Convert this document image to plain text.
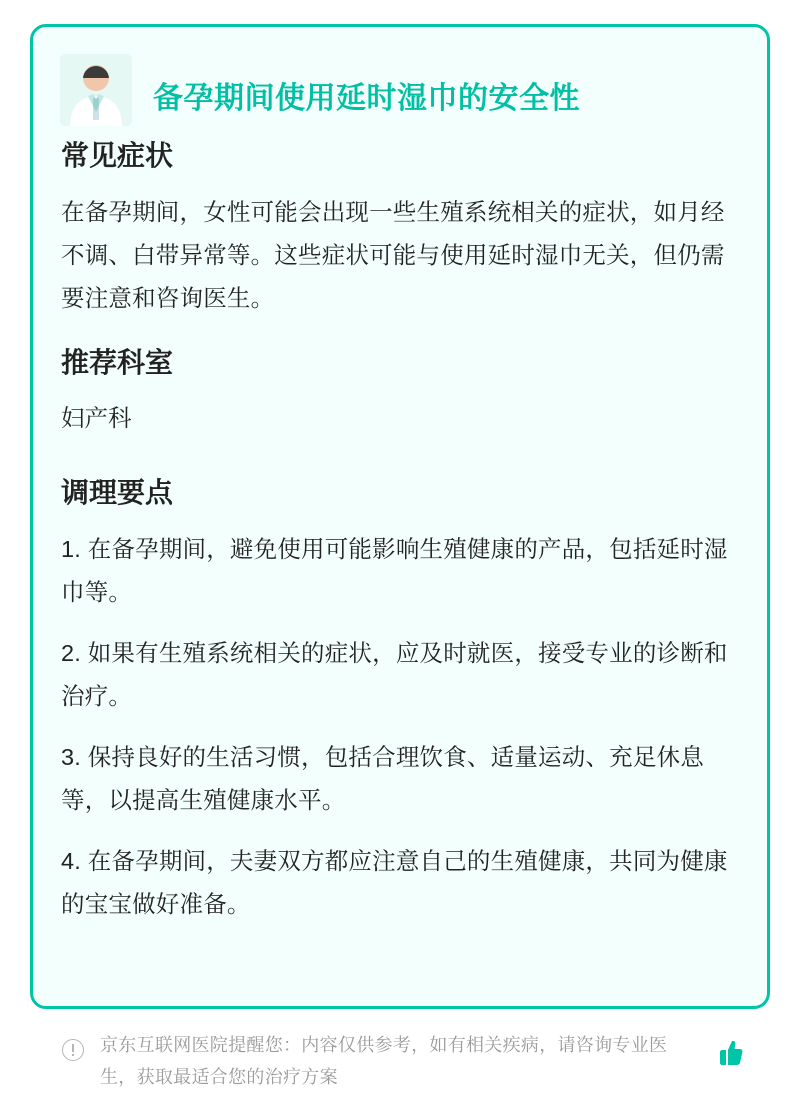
备孕期间使用延时湿巾的安全性
常见症状

在备孕期间，女性可能会出现一些生殖系统相关的症状，如月经不调、白带异常等。这些症状可能与使用延时湿巾无关，但仍需要注意和咨询医生。

推荐科室

妇产科

调理要点
1. 在备孕期间，避免使用可能影响生殖健康的产品，包括延时湿巾等。
2. 如果有生殖系统相关的症状，应及时就医，接受专业的诊断和治疗。
3. 保持良好的生活习惯，包括合理饮食、适量运动、充足休息等，以提高生殖健康水平。
4. 在备孕期间，夫妻双方都应注意自己的生殖健康，共同为健康的宝宝做好准备。
京东互联网医院提醒您：内容仅供参考，如有相关疾病，请咨询专业医生，获取最适合您的治疗方案
